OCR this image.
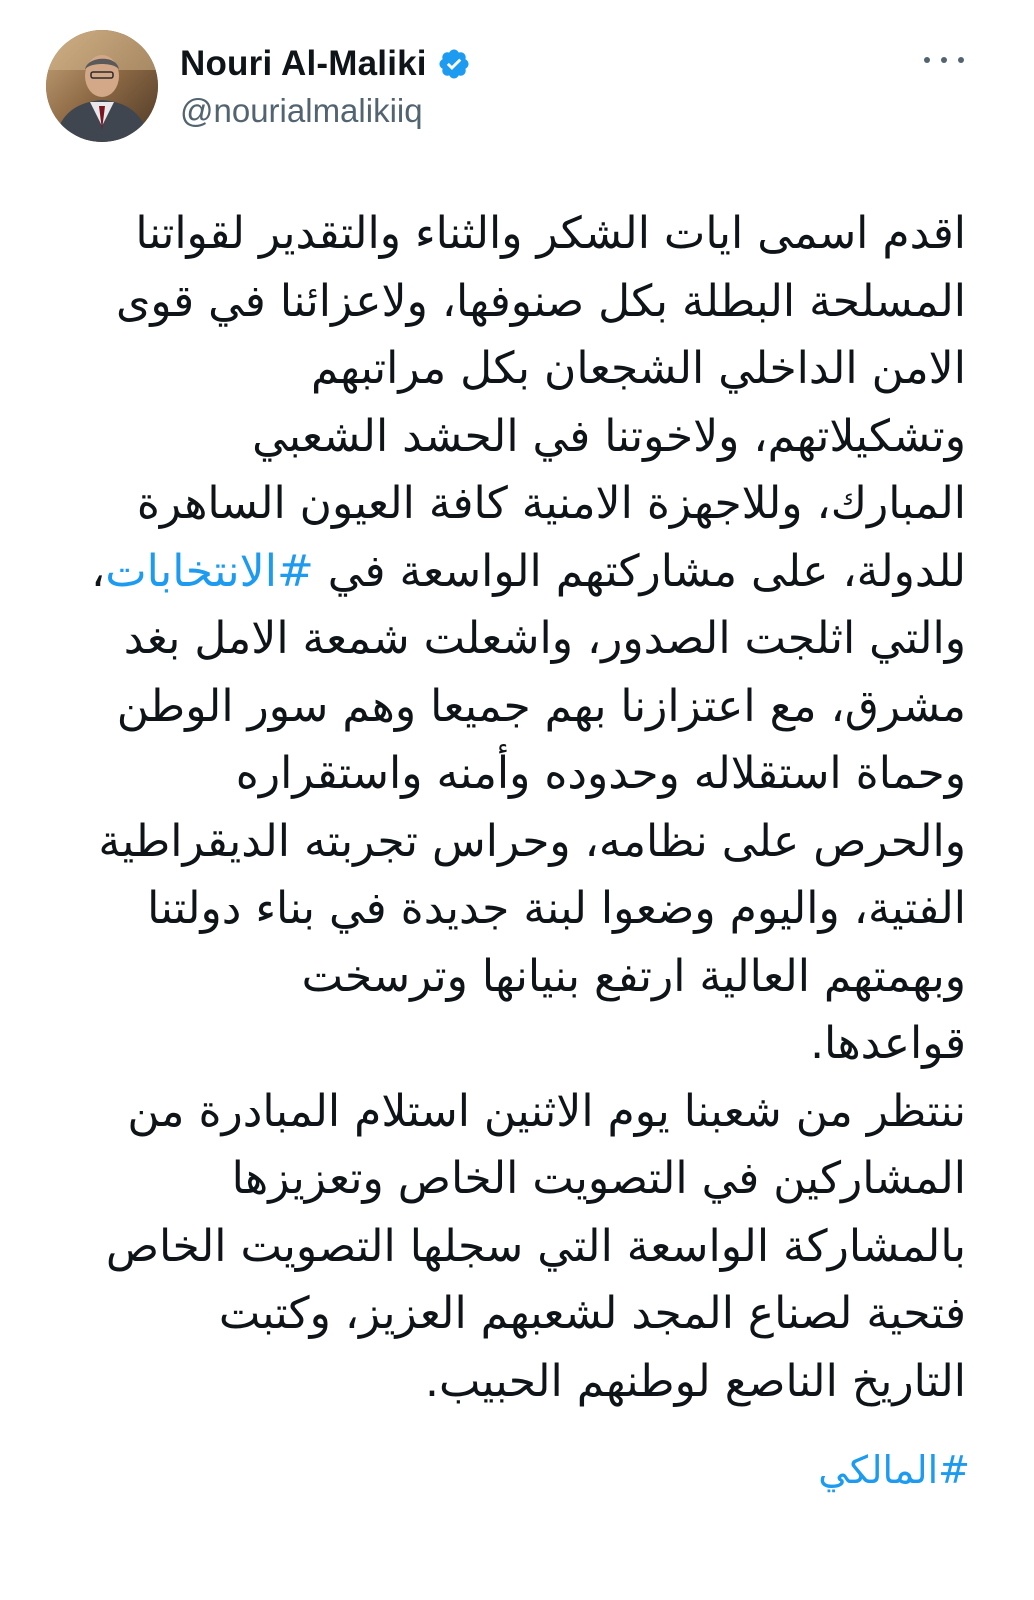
Nouri Al-Maliki
@nourialmalikiiq
اقدم اسمى ايات الشكر والثناء والتقدير لقواتنا
المسلحة البطلة بكل صنوفها، ولاعزائنا في قوى
الامن الداخلي الشجعان بكل مراتبهم
وتشكيلاتهم، ولاخوتنا في الحشد الشعبي
المبارك، وللاجهزة الامنية كافة العيون الساهرة
للدولة، على مشاركتهم الواسعة في #الانتخابات،
والتي اثلجت الصدور، واشعلت شمعة الامل بغد
مشرق، مع اعتزازنا بهم جميعا وهم سور الوطن
وحماة استقلاله وحدوده وأمنه واستقراره
والحرص على نظامه، وحراس تجربته الديقراطية
الفتية، واليوم وضعوا لبنة جديدة في بناء دولتنا
وبهمتهم العالية ارتفع بنيانها وترسخت
قواعدها.
ننتظر من شعبنا يوم الاثنين استلام المبادرة من
المشاركين في التصويت الخاص وتعزيزها
بالمشاركة الواسعة التي سجلها التصويت الخاص
فتحية لصناع المجد لشعبهم العزيز، وكتبت
التاريخ الناصع لوطنهم الحبيب.
#المالكي
